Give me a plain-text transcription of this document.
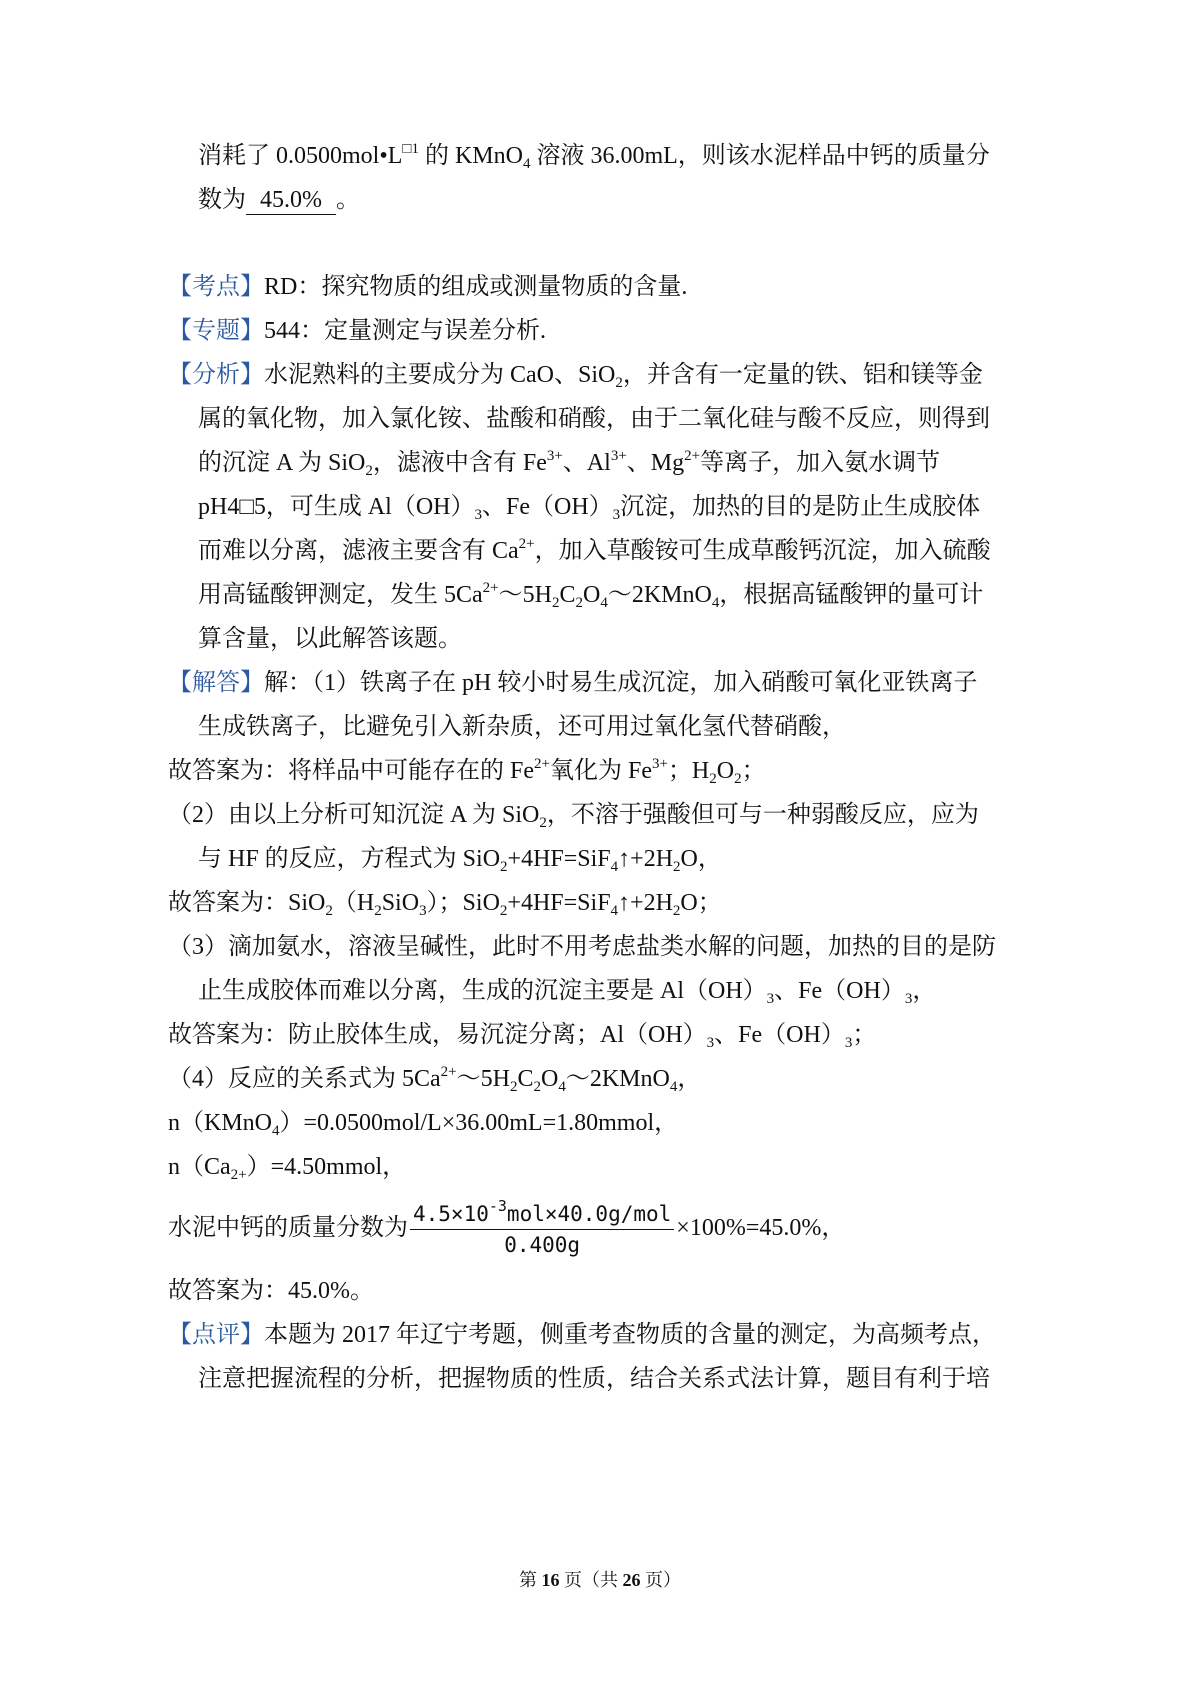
消耗了 $0.0500mol•L^{□1}$ 的 KMnO$_4$ 溶液 36.00mL，则该水泥样品中钙的质量分
数为 45.0% 。
【考点】RD：探究物质的组成或测量物质的含量.
【专题】544：定量测定与误差分析.
【分析】水泥熟料的主要成分为 CaO、SiO$_2$，并含有一定量的铁、铝和镁等金
属的氧化物，加入氯化铵、盐酸和硝酸，由于二氧化硅与酸不反应，则得到
的沉淀 A 为 SiO$_2$，滤液中含有 $Fe^{3+}$、$Al^{3+}$、$Mg^{2+}$等离子，加入氨水调节
pH4□5，可生成 $Al(OH)_3$、$Fe(OH)_3$沉淀，加热的目的是防止生成胶体
而难以分离，滤液主要含有 $Ca^{2+}$，加入草酸铵可生成草酸钙沉淀，加入硫酸
用高锰酸钾测定，发生 $5Ca^{2+}\sim 5H_2C_2O_4\sim 2KMnO_4$，根据高锰酸钾的量可计
算含量，以此解答该题。
【解答】解：（1）铁离子在 pH 较小时易生成沉淀，加入硝酸可氧化亚铁离子
生成铁离子，比避免引入新杂质，还可用过氧化氢代替硝酸，
故答案为：将样品中可能存在的 $Fe^{2+}$氧化为 $Fe^{3+}$；$H_2O_2$；
（2）由以上分析可知沉淀 A 为 SiO$_2$，不溶于强酸但可与一种弱酸反应，应为
与 HF 的反应，方程式为 $SiO_2+4HF=SiF_4↑+2H_2O$，
故答案为：$SiO_2(H_2SiO_3)$；$SiO_2+4HF=SiF_4↑+2H_2O$；
（3）滴加氨水，溶液呈碱性，此时不用考虑盐类水解的问题，加热的目的是防
止生成胶体而难以分离，生成的沉淀主要是 $Al(OH)_3$、$Fe(OH)_3$，
故答案为：防止胶体生成，易沉淀分离；$Al(OH)_3$、$Fe(OH)_3$；
（4）反应的关系式为 $5Ca^{2+}\sim 5H_2C_2O_4\sim 2KMnO_4$，
n（KMnO$_4$）=0.0500mol/L×36.00mL=1.80mmol，
$n(Ca_{2+})=4.50mmol$，
水泥中钙的质量分数为 $\frac{4.5\times 10^{-3}mol\times 40.0g/mol}{0.400g} \times 100\%=45.0\%$，
故答案为：45.0%。
【点评】本题为 2017 年辽宁考题，侧重考查物质的含量的测定，为高频考点，
注意把握流程的分析，把握物质的性质，结合关系式法计算，题目有利于培
第 16 页（共 26 页）
